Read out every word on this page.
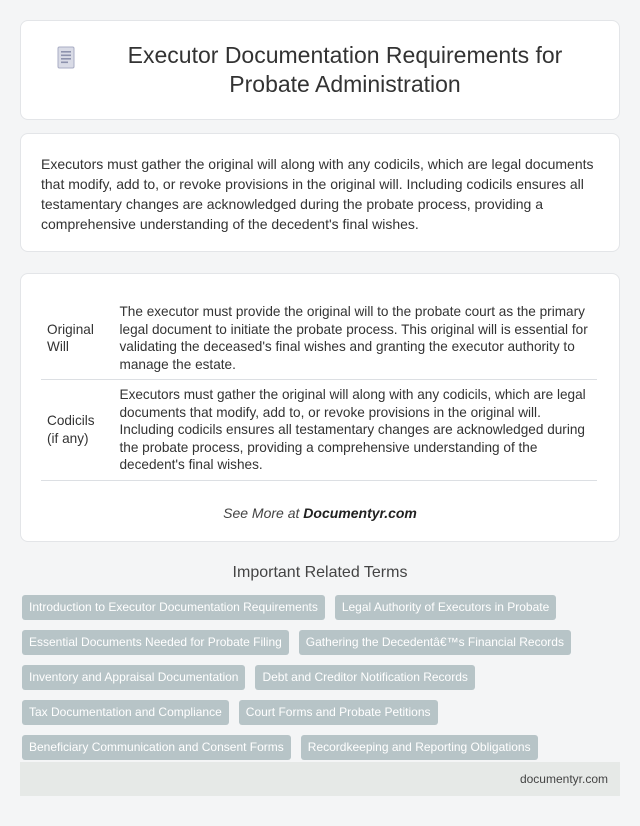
Executor Documentation Requirements for Probate Administration

Executors must gather the original will along with any codicils, which are legal documents that modify, add to, or revoke provisions in the original will. Including codicils ensures all testamentary changes are acknowledged during the probate process, providing a comprehensive understanding of the decedent's final wishes.

Original Will	The executor must provide the original will to the probate court as the primary legal document to initiate the probate process. This original will is essential for validating the deceased's final wishes and granting the executor authority to manage the estate.
Codicils (if any)	Executors must gather the original will along with any codicils, which are legal documents that modify, add to, or revoke provisions in the original will. Including codicils ensures all testamentary changes are acknowledged during the probate process, providing a comprehensive understanding of the decedent's final wishes.
See More at Documentyr.com
Important Related Terms
Introduction to Executor Documentation Requirements	Legal Authority of Executors in Probate
Essential Documents Needed for Probate Filing	Gathering the Decedentâ€™s Financial Records
Inventory and Appraisal Documentation	Debt and Creditor Notification Records
Tax Documentation and Compliance	Court Forms and Probate Petitions
Beneficiary Communication and Consent Forms	Recordkeeping and Reporting Obligations
documentyr.com
